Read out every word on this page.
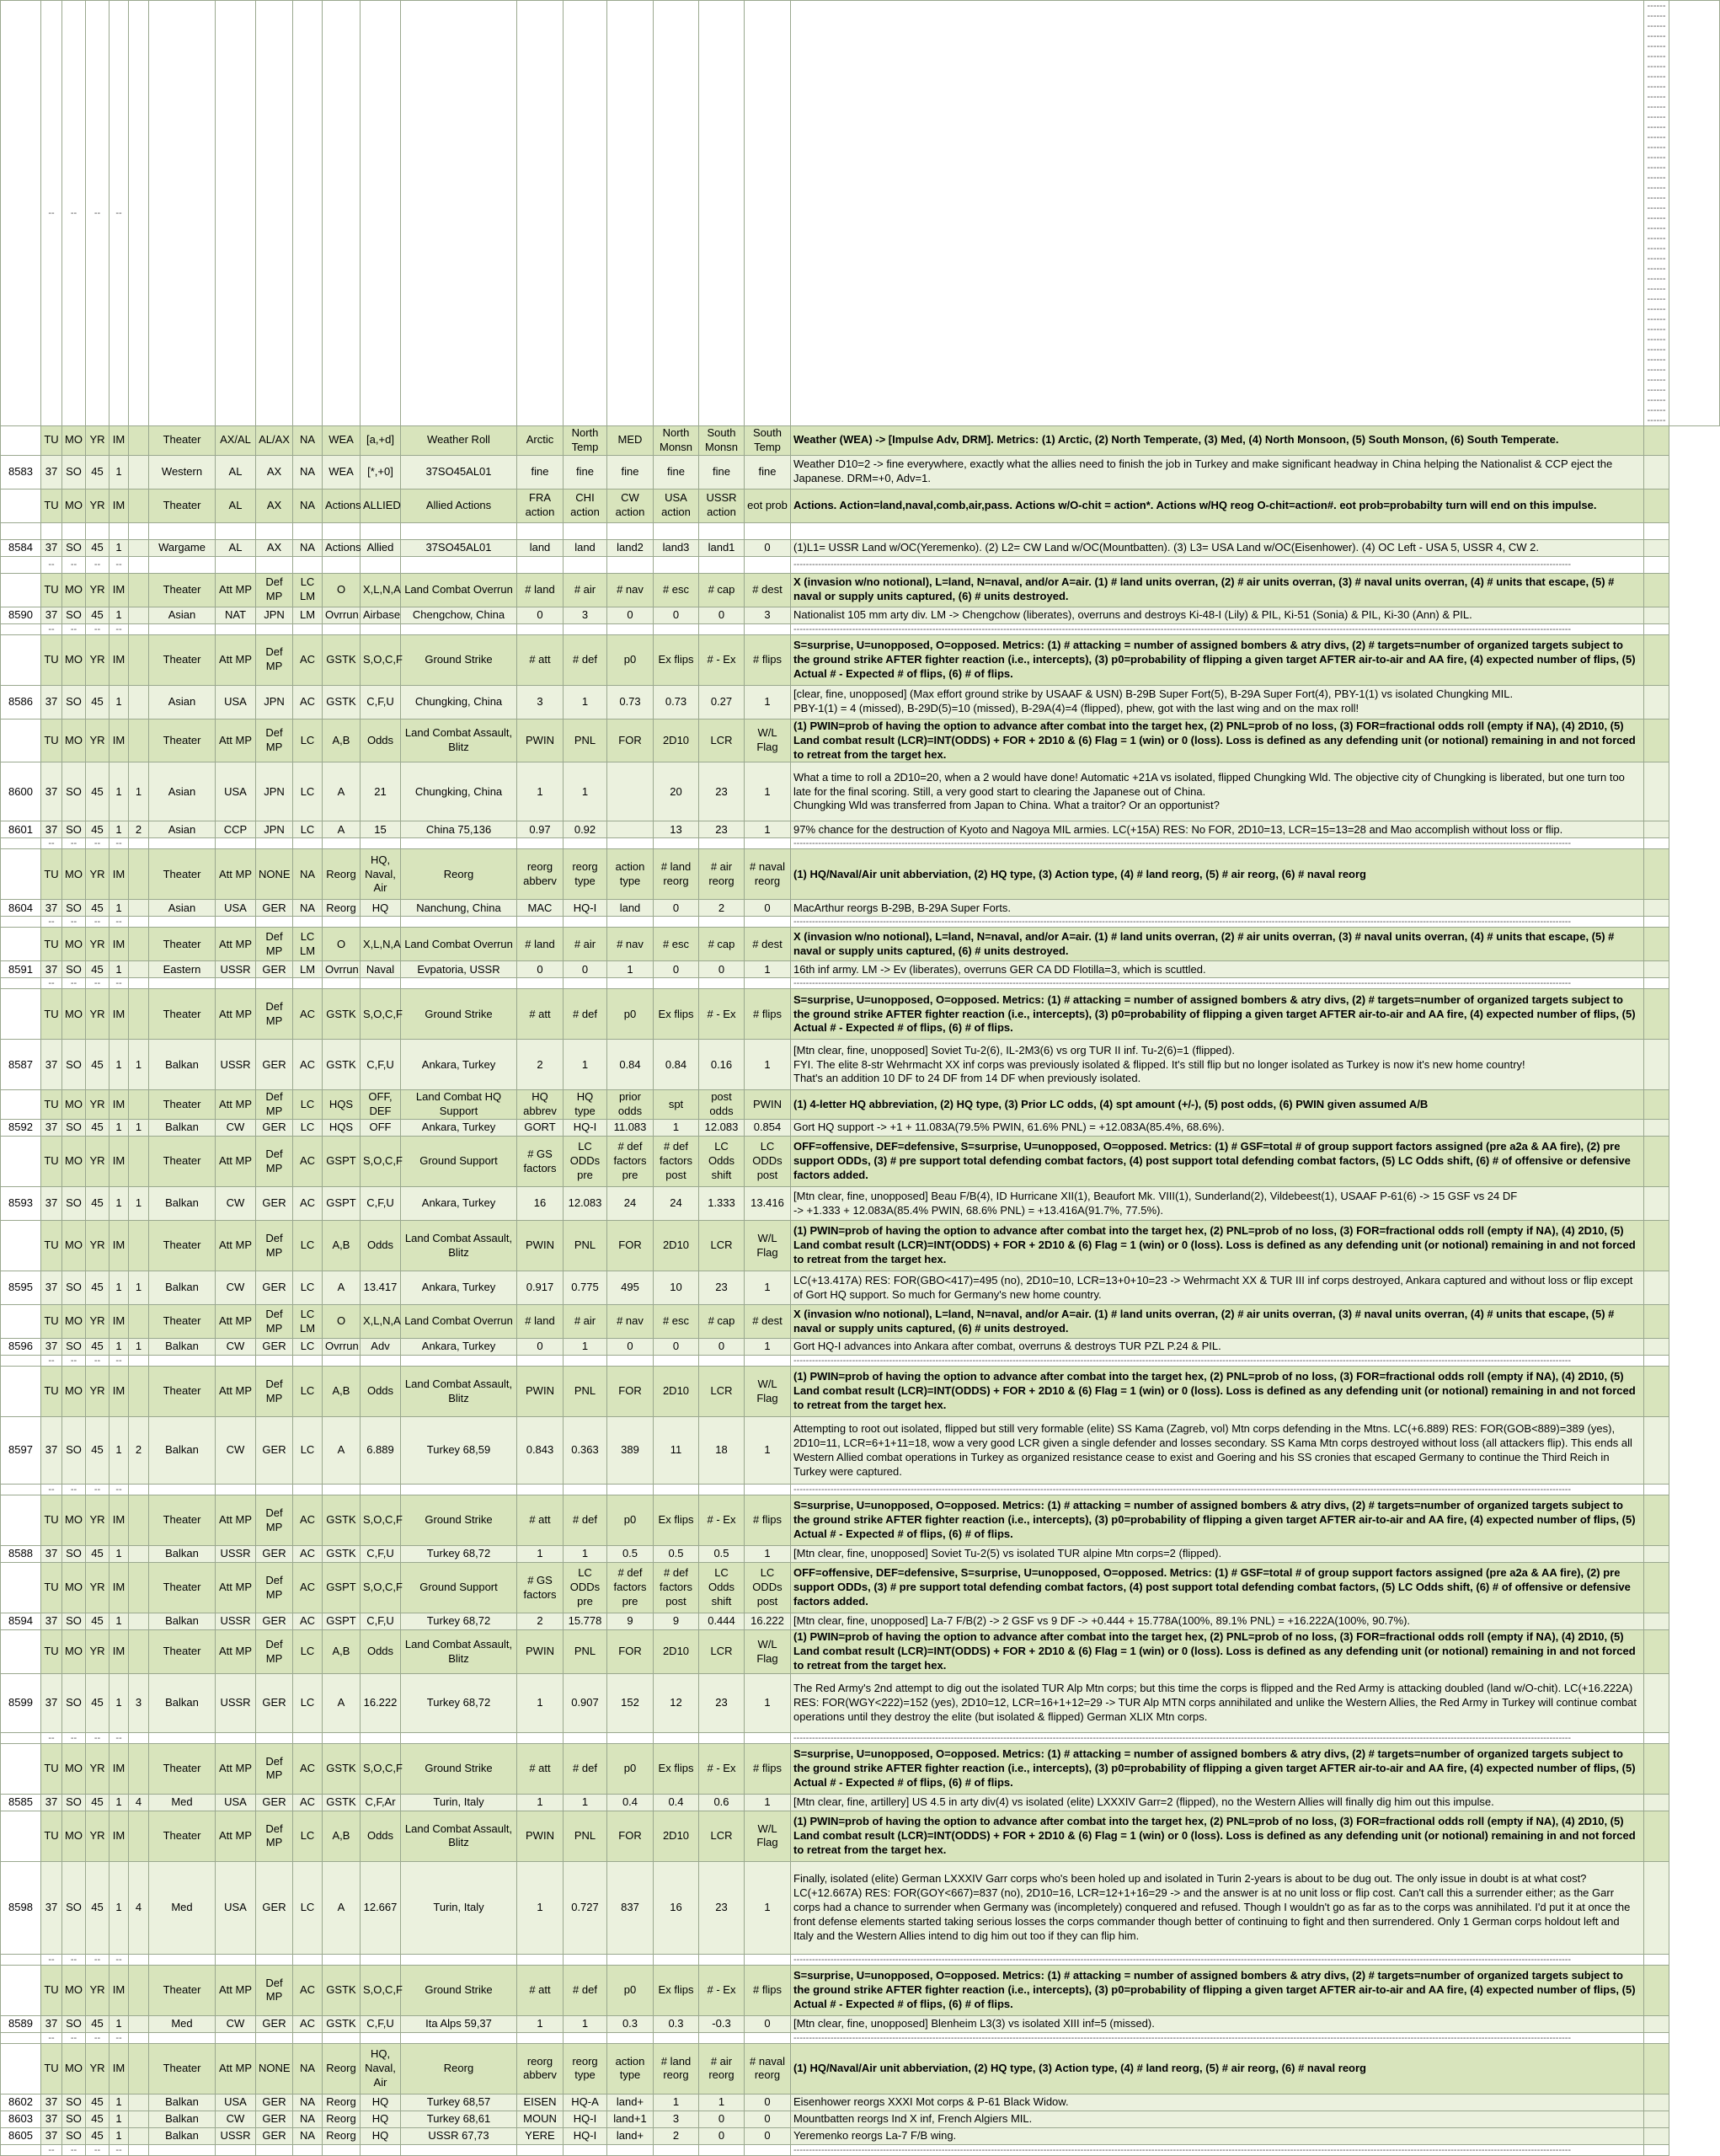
	--	--	--	--																------------------------------------------------------------------------------------------------------------------------------------------------------------------------------------------------------------------------------------------------------------	
	TU	MO	YR	IM		Theater	AX/AL	AL/AX	NA	WEA	[a,+d]	Weather Roll	Arctic	North Temp	MED	North Monsn	South Monsn	South Temp	Weather (WEA) -> [Impulse Adv, DRM]. Metrics: (1) Arctic, (2) North Temperate, (3) Med, (4) North Monsoon, (5) South Monson, (6) South Temperate.		
8583	37	SO	45	1		Western	AL	AX	NA	WEA	[*,+0]	37SO45AL01	fine	fine	fine	fine	fine	fine	Weather D10=2 -> fine everywhere, exactly what the allies need to finish the job in Turkey and make significant headway in China helping the Nationalist & CCP eject the Japanese. DRM=+0, Adv=1.		
	TU	MO	YR	IM		Theater	AL	AX	NA	Actions	ALLIED	Allied Actions	FRA action	CHI action	CW action	USA action	USSR action	eot prob	Actions. Action=land,naval,comb,air,pass. Actions w/O-chit = action*. Actions w/HQ reog O-chit=action#. eot prob=probabilty turn will end on this impulse.		

8584	37	SO	45	1		Wargame	AL	AX	NA	Actions	Allied	37SO45AL01	land	land	land2	land3	land1	0	(1)L1= USSR Land w/OC(Yeremenko). (2) L2= CW Land w/OC(Mountbatten). (3) L3= USA Land w/OC(Eisenhower). (4) OC Left - USA 5, USSR 4, CW 2.		
	--	--	--	--															------------------------------------------------------------------------------------------------------------------------------------------------------------------------------------------------------------------------------------------------------------		
	TU	MO	YR	IM		Theater	Att MP	Def MP	LC LM	O	X,L,N,A	Land Combat Overrun	# land	# air	# nav	# esc	# cap	# dest	X (invasion w/no notional), L=land, N=naval, and/or A=air. (1) # land units overran, (2) # air units overran, (3) # naval units overran, (4) # units that escape, (5) # naval or supply units captured, (6) # units destroyed.		
8590	37	SO	45	1		Asian	NAT	JPN	LM	Ovrrun	Airbase	Chengchow, China	0	3	0	0	0	3	Nationalist 105 mm arty div. LM -> Chengchow (liberates), overruns and destroys Ki-48-I (Lily) & PIL, Ki-51 (Sonia) & PIL, Ki-30 (Ann) & PIL.		
	--	--	--	--															------------------------------------------------------------------------------------------------------------------------------------------------------------------------------------------------------------------------------------------------------------		
	TU	MO	YR	IM		Theater	Att MP	Def MP	AC	GSTK	S,O,C,F	Ground Strike	# att	# def	p0	Ex flips	# - Ex	# flips	S=surprise, U=unopposed, O=opposed. Metrics: (1) # attacking = number of assigned bombers & atry divs, (2) # targets=number of organized targets subject to the ground strike AFTER fighter reaction (i.e., intercepts), (3) p0=probability of flipping a given target AFTER air-to-air and AA fire, (4) expected number of flips, (5) Actual # - Expected # of flips, (6) # of flips.		
8586	37	SO	45	1		Asian	USA	JPN	AC	GSTK	C,F,U	Chungking, China	3	1	0.73	0.73	0.27	1	[clear, fine, unopposed] (Max effort ground strike by USAAF & USN) B-29B Super Fort(5), B-29A Super Fort(4), PBY-1(1) vs isolated Chungking MIL.
PBY-1(1) = 4 (missed), B-29D(5)=10 (missed), B-29A(4)=4 (flipped), phew, got with the last wing and on the max roll!		
	TU	MO	YR	IM		Theater	Att MP	Def MP	LC	A,B	Odds	Land Combat Assault, Blitz	PWIN	PNL	FOR	2D10	LCR	W/L Flag	(1) PWIN=prob of having the option to advance after combat into the target hex, (2) PNL=prob of no loss, (3) FOR=fractional odds roll (empty if NA), (4) 2D10, (5) Land combat result (LCR)=INT(ODDS) + FOR + 2D10 & (6) Flag = 1 (win) or 0 (loss). Loss is defined as any defending unit (or notional) remaining in and not forced to retreat from the target hex.		
8600	37	SO	45	1	1	Asian	USA	JPN	LC	A	21	Chungking, China	1	1		20	23	1	What a time to roll a 2D10=20, when a 2 would have done! Automatic +21A vs isolated, flipped Chungking Wld. The objective city of Chungking is liberated, but one turn too late for the final scoring. Still, a very good start to clearing the Japanese out of China.
Chungking Wld was transferred from Japan to China. What a traitor? Or an opportunist?		
8601	37	SO	45	1	2	Asian	CCP	JPN	LC	A	15	China 75,136	0.97	0.92		13	23	1	97% chance for the destruction of Kyoto and Nagoya MIL armies. LC(+15A) RES: No FOR, 2D10=13, LCR=15=13=28 and Mao accomplish without loss or flip.		
	--	--	--	--															------------------------------------------------------------------------------------------------------------------------------------------------------------------------------------------------------------------------------------------------------------		
	TU	MO	YR	IM		Theater	Att MP	NONE	NA	Reorg	HQ, Naval, Air	Reorg	reorg abberv	reorg type	action type	# land reorg	# air reorg	# naval reorg	(1) HQ/Naval/Air unit abberviation, (2) HQ type, (3) Action type, (4) # land reorg, (5) # air reorg, (6) # naval reorg		
8604	37	SO	45	1		Asian	USA	GER	NA	Reorg	HQ	Nanchung, China	MAC	HQ-I	land	0	2	0	MacArthur reorgs B-29B, B-29A Super Forts.		
	--	--	--	--															------------------------------------------------------------------------------------------------------------------------------------------------------------------------------------------------------------------------------------------------------------		
	TU	MO	YR	IM		Theater	Att MP	Def MP	LC LM	O	X,L,N,A	Land Combat Overrun	# land	# air	# nav	# esc	# cap	# dest	X (invasion w/no notional), L=land, N=naval, and/or A=air. (1) # land units overran, (2) # air units overran, (3) # naval units overran, (4) # units that escape, (5) # naval or supply units captured, (6) # units destroyed.		
8591	37	SO	45	1		Eastern	USSR	GER	LM	Ovrrun	Naval	Evpatoria, USSR	0	0	1	0	0	1	16th inf army. LM -> Ev (liberates), overruns GER CA DD Flotilla=3, which is scuttled.		
	--	--	--	--															------------------------------------------------------------------------------------------------------------------------------------------------------------------------------------------------------------------------------------------------------------		
	TU	MO	YR	IM		Theater	Att MP	Def MP	AC	GSTK	S,O,C,F	Ground Strike	# att	# def	p0	Ex flips	# - Ex	# flips	S=surprise, U=unopposed, O=opposed. Metrics: (1) # attacking = number of assigned bombers & atry divs, (2) # targets=number of organized targets subject to the ground strike AFTER fighter reaction (i.e., intercepts), (3) p0=probability of flipping a given target AFTER air-to-air and AA fire, (4) expected number of flips, (5) Actual # - Expected # of flips, (6) # of flips.		
8587	37	SO	45	1	1	Balkan	USSR	GER	AC	GSTK	C,F,U	Ankara, Turkey	2	1	0.84	0.84	0.16	1	[Mtn clear, fine, unopposed] Soviet Tu-2(6), IL-2M3(6) vs org TUR II inf. Tu-2(6)=1 (flipped).
FYI. The elite 8-str Wehrmacht XX inf corps was previously isolated & flipped. It's still flip but no longer isolated as Turkey is now it's new home country!
That's an addition 10 DF to 24 DF from 14 DF when previously isolated.		
	TU	MO	YR	IM		Theater	Att MP	Def MP	LC	HQS	OFF, DEF	Land Combat HQ Support	HQ abbrev	HQ type	prior odds	spt	post odds	PWIN	(1) 4-letter HQ abbreviation, (2) HQ type, (3) Prior LC odds, (4) spt amount (+/-), (5) post odds, (6) PWIN given assumed A/B		
8592	37	SO	45	1	1	Balkan	CW	GER	LC	HQS	OFF	Ankara, Turkey	GORT	HQ-I	11.083	1	12.083	0.854	Gort HQ support -> +1 + 11.083A(79.5% PWIN, 61.6% PNL) = +12.083A(85.4%, 68.6%).		
	TU	MO	YR	IM		Theater	Att MP	Def MP	AC	GSPT	S,O,C,F	Ground Support	# GS factors	LC ODDs pre	# def factors pre	# def factors post	LC Odds shift	LC ODDs post	OFF=offensive, DEF=defensive, S=surprise, U=unopposed, O=opposed. Metrics: (1) # GSF=total # of group support factors assigned (pre a2a & AA fire), (2) pre support ODDs, (3) # pre support total defending combat factors, (4) post support total defending combat factors, (5) LC Odds shift, (6) # of offensive or defensive factors added.		
8593	37	SO	45	1	1	Balkan	CW	GER	AC	GSPT	C,F,U	Ankara, Turkey	16	12.083	24	24	1.333	13.416	[Mtn clear, fine, unopposed] Beau F/B(4), ID Hurricane XII(1), Beaufort Mk. VIII(1), Sunderland(2), Vildebeest(1), USAAF P-61(6) -> 15 GSF vs 24 DF
-> +1.333 + 12.083A(85.4% PWIN, 68.6% PNL) = +13.416A(91.7%, 77.5%).		
	TU	MO	YR	IM		Theater	Att MP	Def MP	LC	A,B	Odds	Land Combat Assault, Blitz	PWIN	PNL	FOR	2D10	LCR	W/L Flag	(1) PWIN=prob of having the option to advance after combat into the target hex, (2) PNL=prob of no loss, (3) FOR=fractional odds roll (empty if NA), (4) 2D10, (5) Land combat result (LCR)=INT(ODDS) + FOR + 2D10 & (6) Flag = 1 (win) or 0 (loss). Loss is defined as any defending unit (or notional) remaining in and not forced to retreat from the target hex.		
8595	37	SO	45	1	1	Balkan	CW	GER	LC	A	13.417	Ankara, Turkey	0.917	0.775	495	10	23	1	LC(+13.417A) RES: FOR(GBO<417)=495 (no), 2D10=10, LCR=13+0+10=23 -> Wehrmacht XX & TUR III inf corps destroyed, Ankara captured and without loss or flip except of Gort HQ support. So much for Germany's new home country.		
	TU	MO	YR	IM		Theater	Att MP	Def MP	LC LM	O	X,L,N,A	Land Combat Overrun	# land	# air	# nav	# esc	# cap	# dest	X (invasion w/no notional), L=land, N=naval, and/or A=air. (1) # land units overran, (2) # air units overran, (3) # naval units overran, (4) # units that escape, (5) # naval or supply units captured, (6) # units destroyed.		
8596	37	SO	45	1	1	Balkan	CW	GER	LC	Ovrrun	Adv	Ankara, Turkey	0	1	0	0	0	1	Gort HQ-I advances into Ankara after combat, overruns & destroys TUR PZL P.24 & PIL.		
	--	--	--	--															------------------------------------------------------------------------------------------------------------------------------------------------------------------------------------------------------------------------------------------------------------		
	TU	MO	YR	IM		Theater	Att MP	Def MP	LC	A,B	Odds	Land Combat Assault, Blitz	PWIN	PNL	FOR	2D10	LCR	W/L Flag	(1) PWIN=prob of having the option to advance after combat into the target hex, (2) PNL=prob of no loss, (3) FOR=fractional odds roll (empty if NA), (4) 2D10, (5) Land combat result (LCR)=INT(ODDS) + FOR + 2D10 & (6) Flag = 1 (win) or 0 (loss). Loss is defined as any defending unit (or notional) remaining in and not forced to retreat from the target hex.		
8597	37	SO	45	1	2	Balkan	CW	GER	LC	A	6.889	Turkey 68,59	0.843	0.363	389	11	18	1	Attempting to root out isolated, flipped but still very formable (elite) SS Kama (Zagreb, vol) Mtn corps defending in the Mtns. LC(+6.889) RES: FOR(GOB<889)=389 (yes), 2D10=11, LCR=6+1+11=18, wow a very good LCR given a single defender and losses secondary. SS Kama Mtn corps destroyed without loss (all attackers flip). This ends all Western Allied combat operations in Turkey as organized resistance cease to exist and Goering and his SS cronies that escaped Germany to continue the Third Reich in Turkey were captured.		
	--	--	--	--															------------------------------------------------------------------------------------------------------------------------------------------------------------------------------------------------------------------------------------------------------------		
	TU	MO	YR	IM		Theater	Att MP	Def MP	AC	GSTK	S,O,C,F	Ground Strike	# att	# def	p0	Ex flips	# - Ex	# flips	S=surprise, U=unopposed, O=opposed. Metrics: (1) # attacking = number of assigned bombers & atry divs, (2) # targets=number of organized targets subject to the ground strike AFTER fighter reaction (i.e., intercepts), (3) p0=probability of flipping a given target AFTER air-to-air and AA fire, (4) expected number of flips, (5) Actual # - Expected # of flips, (6) # of flips.		
8588	37	SO	45	1		Balkan	USSR	GER	AC	GSTK	C,F,U	Turkey 68,72	1	1	0.5	0.5	0.5	1	[Mtn clear, fine, unopposed] Soviet Tu-2(5) vs isolated TUR alpine Mtn corps=2 (flipped).		
	TU	MO	YR	IM		Theater	Att MP	Def MP	AC	GSPT	S,O,C,F	Ground Support	# GS factors	LC ODDs pre	# def factors pre	# def factors post	LC Odds shift	LC ODDs post	OFF=offensive, DEF=defensive, S=surprise, U=unopposed, O=opposed. Metrics: (1) # GSF=total # of group support factors assigned (pre a2a & AA fire), (2) pre support ODDs, (3) # pre support total defending combat factors, (4) post support total defending combat factors, (5) LC Odds shift, (6) # of offensive or defensive factors added.		
8594	37	SO	45	1		Balkan	USSR	GER	AC	GSPT	C,F,U	Turkey 68,72	2	15.778	9	9	0.444	16.222	[Mtn clear, fine, unopposed] La-7 F/B(2) -> 2 GSF vs 9 DF -> +0.444 + 15.778A(100%, 89.1% PNL) = +16.222A(100%, 90.7%).		
	TU	MO	YR	IM		Theater	Att MP	Def MP	LC	A,B	Odds	Land Combat Assault, Blitz	PWIN	PNL	FOR	2D10	LCR	W/L Flag	(1) PWIN=prob of having the option to advance after combat into the target hex, (2) PNL=prob of no loss, (3) FOR=fractional odds roll (empty if NA), (4) 2D10, (5) Land combat result (LCR)=INT(ODDS) + FOR + 2D10 & (6) Flag = 1 (win) or 0 (loss). Loss is defined as any defending unit (or notional) remaining in and not forced to retreat from the target hex.		
8599	37	SO	45	1	3	Balkan	USSR	GER	LC	A	16.222	Turkey 68,72	1	0.907	152	12	23	1	The Red Army's 2nd attempt to dig out the isolated TUR Alp Mtn corps; but this time the corps is flipped and the Red Army is attacking doubled (land w/O-chit). LC(+16.222A) RES: FOR(WGY<222)=152 (yes), 2D10=12, LCR=16+1+12=29 -> TUR Alp MTN corps annihilated and unlike the Western Allies, the Red Army in Turkey will continue combat operations until they destroy the elite (but isolated & flipped) German XLIX Mtn corps.		
	--	--	--	--															------------------------------------------------------------------------------------------------------------------------------------------------------------------------------------------------------------------------------------------------------------		
	TU	MO	YR	IM		Theater	Att MP	Def MP	AC	GSTK	S,O,C,F	Ground Strike	# att	# def	p0	Ex flips	# - Ex	# flips	S=surprise, U=unopposed, O=opposed. Metrics: (1) # attacking = number of assigned bombers & atry divs, (2) # targets=number of organized targets subject to the ground strike AFTER fighter reaction (i.e., intercepts), (3) p0=probability of flipping a given target AFTER air-to-air and AA fire, (4) expected number of flips, (5) Actual # - Expected # of flips, (6) # of flips.		
8585	37	SO	45	1	4	Med	USA	GER	AC	GSTK	C,F,Ar	Turin, Italy	1	1	0.4	0.4	0.6	1	[Mtn clear, fine, artillery] US 4.5 in arty div(4) vs isolated (elite) LXXXIV Garr=2 (flipped), no the Western Allies will finally dig him out this impulse.		
	TU	MO	YR	IM		Theater	Att MP	Def MP	LC	A,B	Odds	Land Combat Assault, Blitz	PWIN	PNL	FOR	2D10	LCR	W/L Flag	(1) PWIN=prob of having the option to advance after combat into the target hex, (2) PNL=prob of no loss, (3) FOR=fractional odds roll (empty if NA), (4) 2D10, (5) Land combat result (LCR)=INT(ODDS) + FOR + 2D10 & (6) Flag = 1 (win) or 0 (loss). Loss is defined as any defending unit (or notional) remaining in and not forced to retreat from the target hex.		
8598	37	SO	45	1	4	Med	USA	GER	LC	A	12.667	Turin, Italy	1	0.727	837	16	23	1	Finally, isolated (elite) German LXXXIV Garr corps who's been holed up and isolated in Turin 2-years is about to be dug out. The only issue in doubt is at what cost? LC(+12.667A) RES: FOR(GOY<667)=837 (no), 2D10=16, LCR=12+1+16=29 -> and the answer is at no unit loss or flip cost. Can't call this a surrender either; as the Garr corps had a chance to surrender when Germany was (incompletely) conquered and refused. Though I wouldn't go as far as to the corps was annihilated. I'd put it at once the front defense elements started taking serious losses the corps commander though better of continuing to fight and then surrendered. Only 1 German corps holdout left and Italy and the Western Allies intend to dig him out too if they can flip him.		
	--	--	--	--															------------------------------------------------------------------------------------------------------------------------------------------------------------------------------------------------------------------------------------------------------------		
	TU	MO	YR	IM		Theater	Att MP	Def MP	AC	GSTK	S,O,C,F	Ground Strike	# att	# def	p0	Ex flips	# - Ex	# flips	S=surprise, U=unopposed, O=opposed. Metrics: (1) # attacking = number of assigned bombers & atry divs, (2) # targets=number of organized targets subject to the ground strike AFTER fighter reaction (i.e., intercepts), (3) p0=probability of flipping a given target AFTER air-to-air and AA fire, (4) expected number of flips, (5) Actual # - Expected # of flips, (6) # of flips.		
8589	37	SO	45	1		Med	CW	GER	AC	GSTK	C,F,U	Ita Alps 59,37	1	1	0.3	0.3	-0.3	0	[Mtn clear, fine, unopposed] Blenheim L3(3) vs isolated XIII inf=5 (missed).		
	--	--	--	--															------------------------------------------------------------------------------------------------------------------------------------------------------------------------------------------------------------------------------------------------------------		
	TU	MO	YR	IM		Theater	Att MP	NONE	NA	Reorg	HQ, Naval, Air	Reorg	reorg abberv	reorg type	action type	# land reorg	# air reorg	# naval reorg	(1) HQ/Naval/Air unit abberviation, (2) HQ type, (3) Action type, (4) # land reorg, (5) # air reorg, (6) # naval reorg		
8602	37	SO	45	1		Balkan	USA	GER	NA	Reorg	HQ	Turkey 68,57	EISEN	HQ-A	land+	1	1	0	Eisenhower reorgs XXXI Mot corps & P-61 Black Widow.		
8603	37	SO	45	1		Balkan	CW	GER	NA	Reorg	HQ	Turkey 68,61	MOUN	HQ-I	land+1	3	0	0	Mountbatten reorgs Ind X inf, French Algiers MIL.		
8605	37	SO	45	1		Balkan	USSR	GER	NA	Reorg	HQ	USSR 67,73	YERE	HQ-I	land+	2	0	0	Yeremenko reorgs La-7 F/B wing.		
	--	--	--	--															------------------------------------------------------------------------------------------------------------------------------------------------------------------------------------------------------------------------------------------------------------		
